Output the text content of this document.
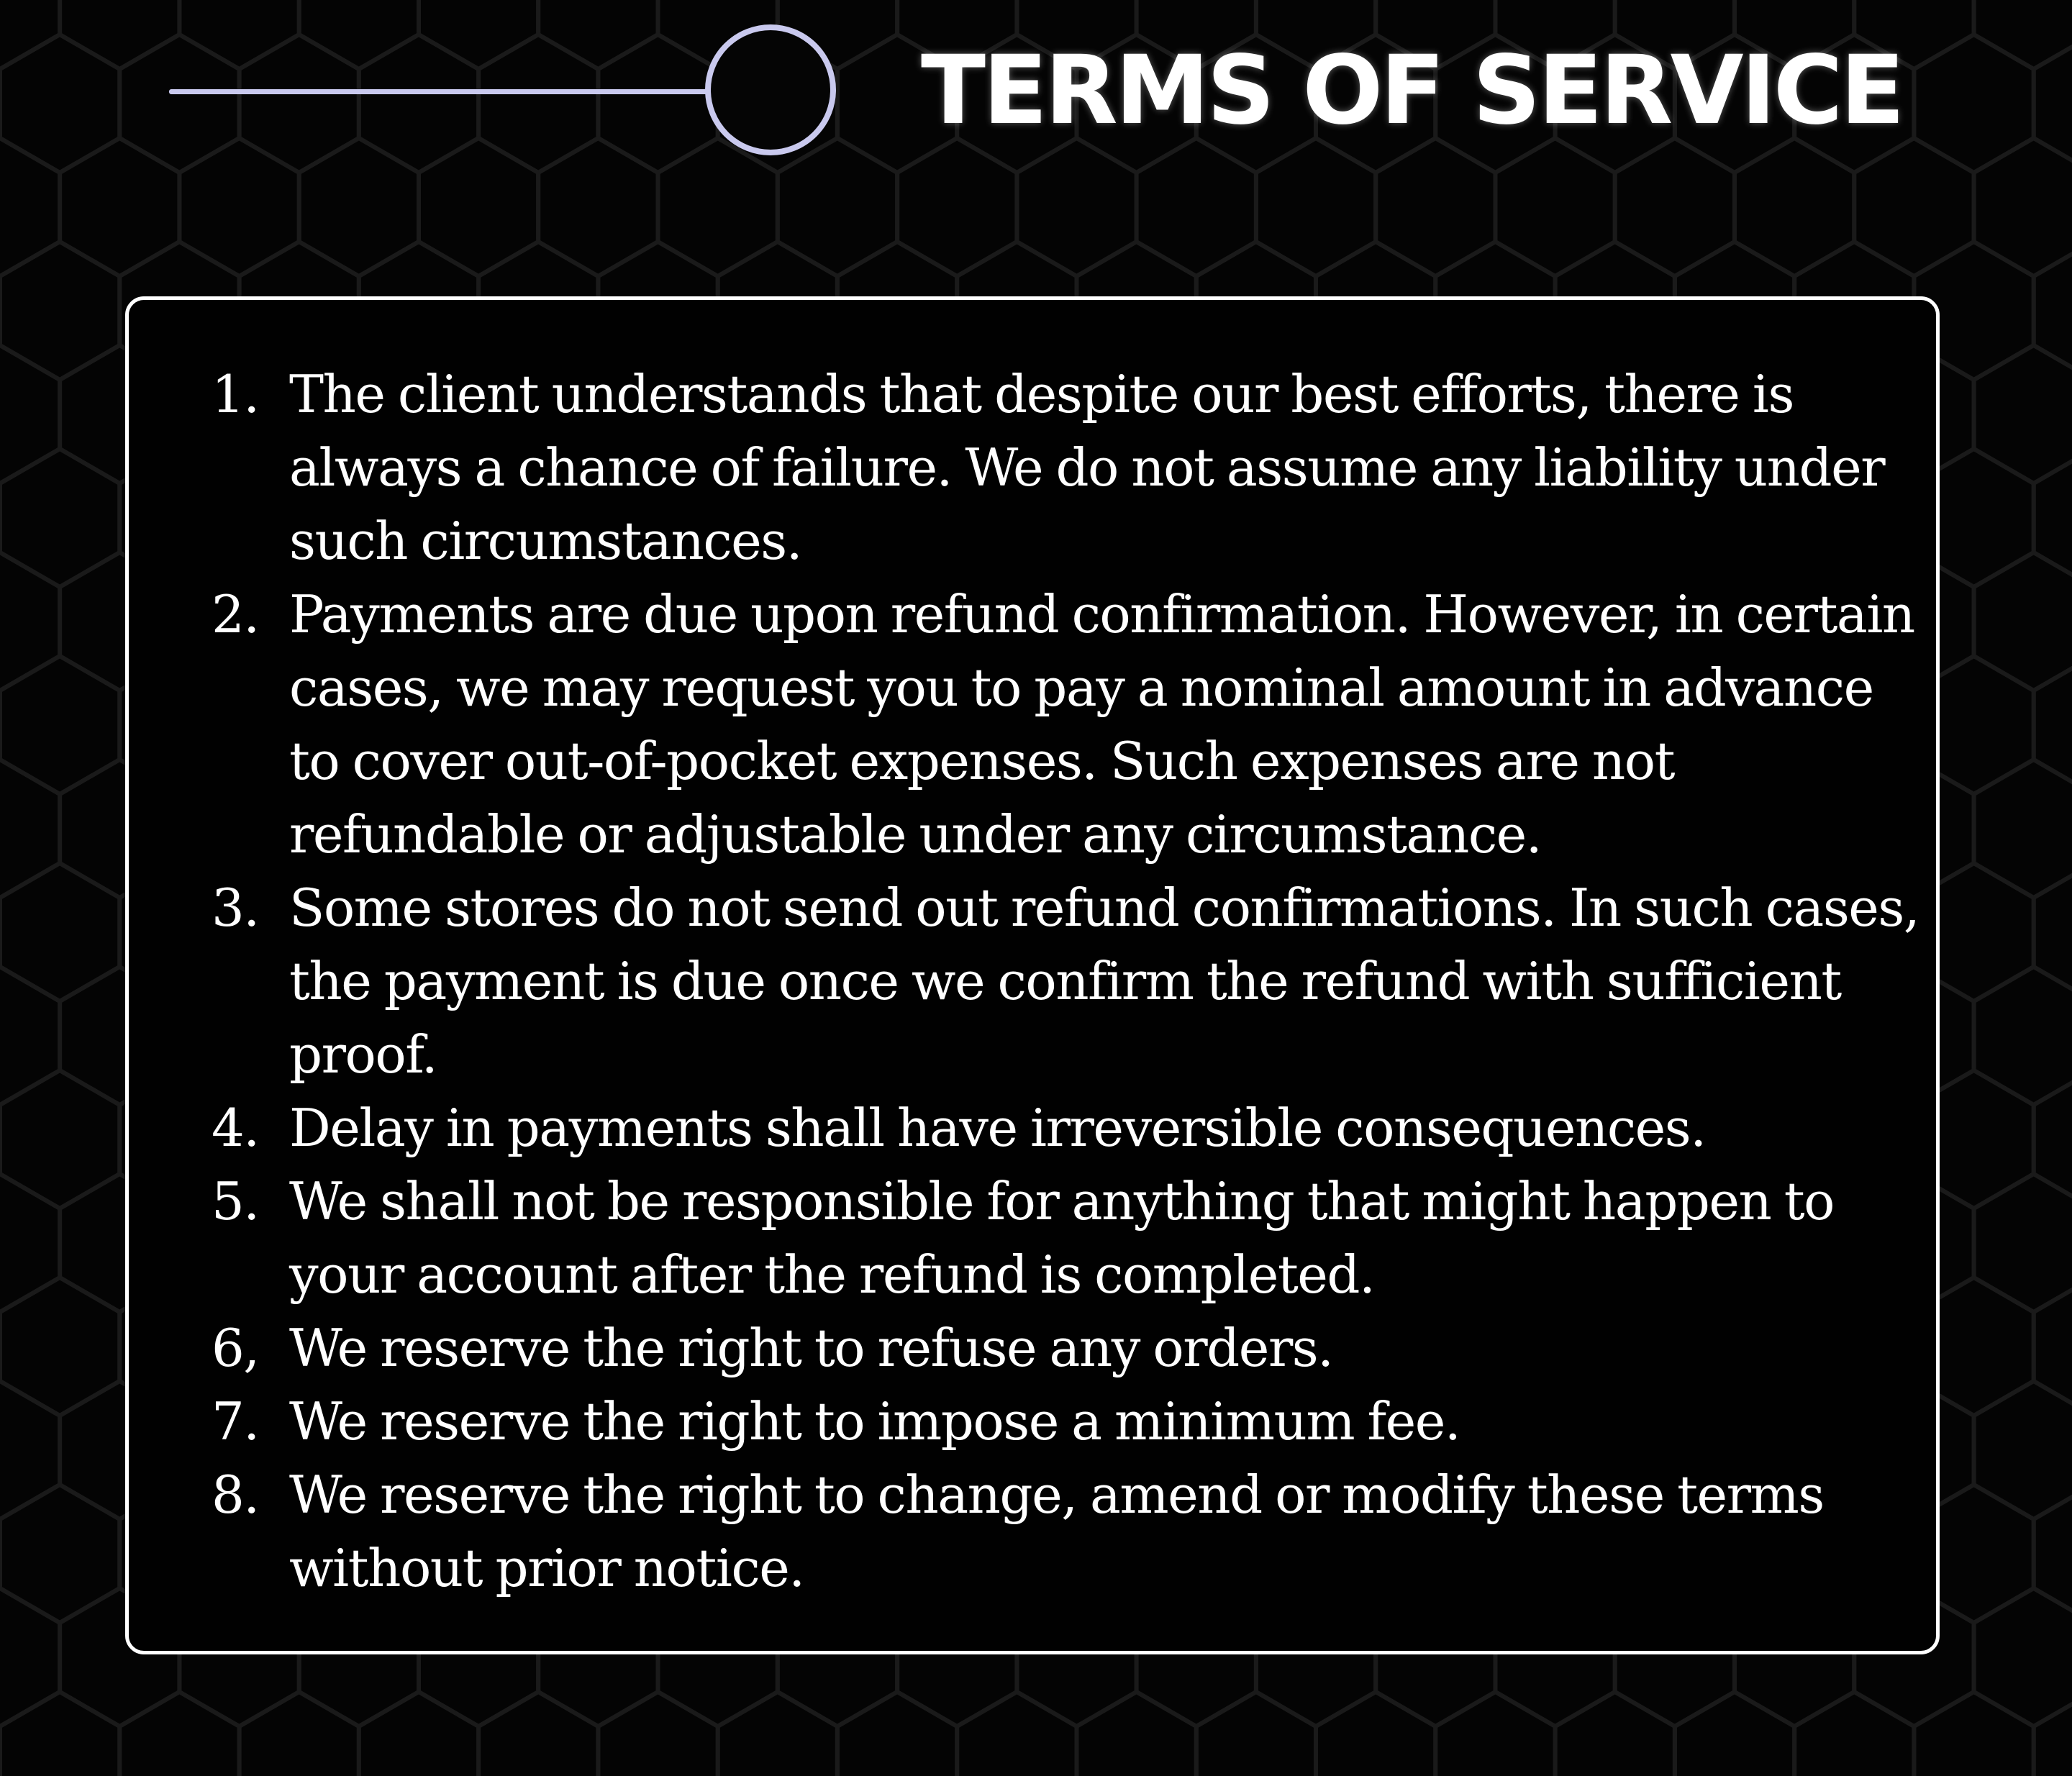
TERMS OF SERVICE
1. The client understands that despite our best efforts, there is always a chance of failure. We do not assume any liability under such circumstances.
2. Payments are due upon refund confirmation. However, in certain cases, we may request you to pay a nominal amount in advance to cover out-of-pocket expenses. Such expenses are not refundable or adjustable under any circumstance.
3. Some stores do not send out refund confirmations. In such cases, the payment is due once we confirm the refund with sufficient proof.
4. Delay in payments shall have irreversible consequences.
5. We shall not be responsible for anything that might happen to your account after the refund is completed.
6, We reserve the right to refuse any orders.
7. We reserve the right to impose a minimum fee.
8. We reserve the right to change, amend or modify these terms without prior notice.
